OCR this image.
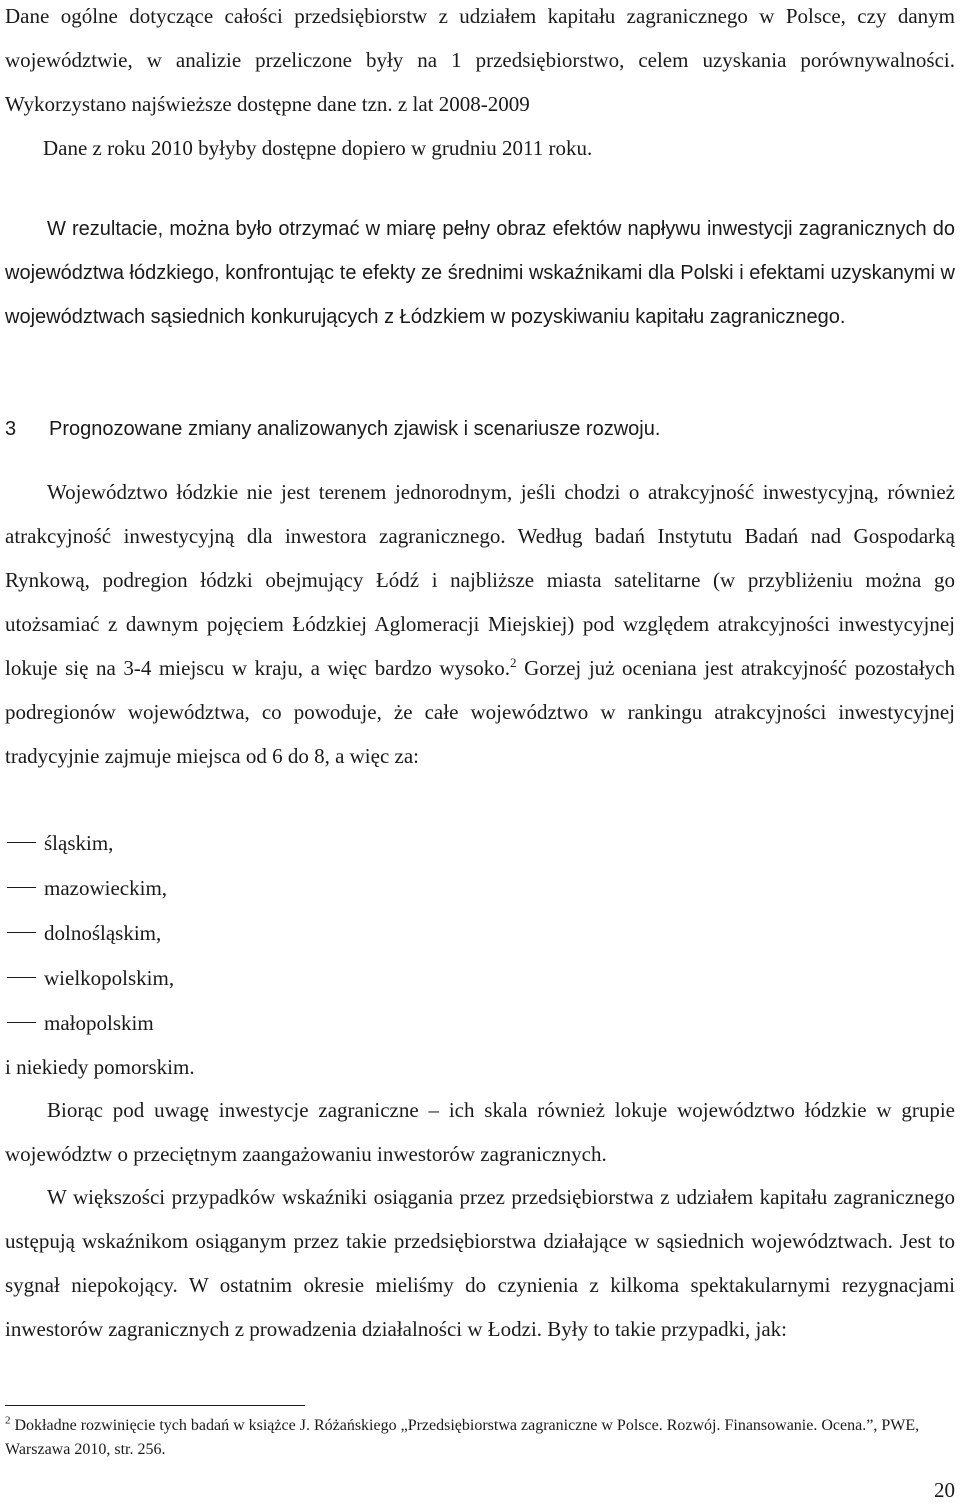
Dane ogólne dotyczące całości przedsiębiorstw z udziałem kapitału zagranicznego w Polsce, czy danym województwie, w analizie przeliczone były na 1 przedsiębiorstwo, celem uzyskania porównywalności. Wykorzystano najświeższe dostępne dane tzn. z lat 2008-2009
Dane z roku 2010 byłyby dostępne dopiero w grudniu 2011 roku.

W rezultacie, można było otrzymać w miarę pełny obraz efektów napływu inwestycji zagranicznych do województwa łódzkiego, konfrontując te efekty ze średnimi wskaźnikami dla Polski i efektami uzyskanymi w województwach sąsiednich konkurujących z Łódzkiem w pozyskiwaniu kapitału zagranicznego.

3 Prognozowane zmiany analizowanych zjawisk i scenariusze rozwoju.

Województwo łódzkie nie jest terenem jednorodnym, jeśli chodzi o atrakcyjność inwestycyjną, również atrakcyjność inwestycyjną dla inwestora zagranicznego. Według badań Instytutu Badań nad Gospodarką Rynkową, podregion łódzki obejmujący Łódź i najbliższe miasta satelitarne (w przybliżeniu można go utożsamiać z dawnym pojęciem Łódzkiej Aglomeracji Miejskiej) pod względem atrakcyjności inwestycyjnej lokuje się na 3-4 miejscu w kraju, a więc bardzo wysoko.$^2$ Gorzej już oceniana jest atrakcyjność pozostałych podregionów województwa, co powoduje, że całe województwo w rankingu atrakcyjności inwestycyjnej tradycyjnie zajmuje miejsca od 6 do 8, a więc za:

śląskim,
mazowieckim,
dolnośląskim,
wielkopolskim,
małopolskim

i niekiedy pomorskim.

Biorąc pod uwagę inwestycje zagraniczne – ich skala również lokuje województwo łódzkie w grupie województw o przeciętnym zaangażowaniu inwestorów zagranicznych.

W większości przypadków wskaźniki osiągania przez przedsiębiorstwa z udziałem kapitału zagranicznego ustępują wskaźnikom osiąganym przez takie przedsiębiorstwa działające w sąsiednich województwach. Jest to sygnał niepokojący. W ostatnim okresie mieliśmy do czynienia z kilkoma spektakularnymi rezygnacjami inwestorów zagranicznych z prowadzenia działalności w Łodzi. Były to takie przypadki, jak:

$^2$ Dokładne rozwinięcie tych badań w książce J. Różańskiego „Przedsiębiorstwa zagraniczne w Polsce. Rozwój. Finansowanie. Ocena.”, PWE, Warszawa 2010, str. 256.

20
